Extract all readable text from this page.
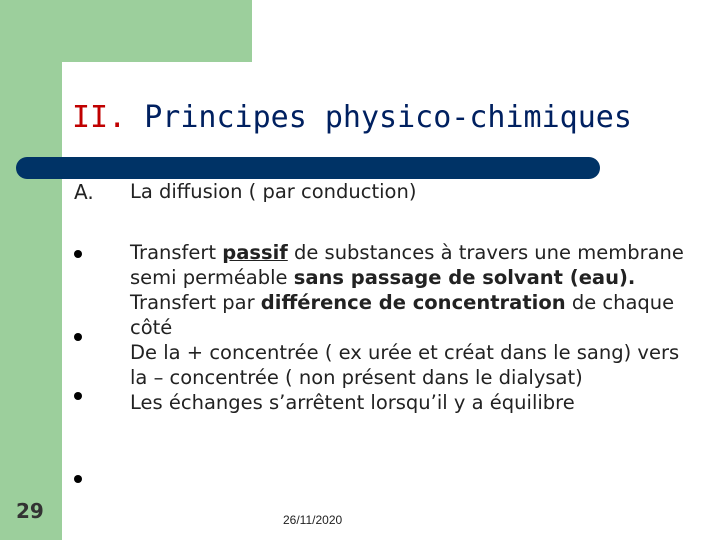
II. Principes physico-chimiques
A. La diffusion ( par conduction)

Transfert passif de substances à travers une membrane semi perméable sans passage de solvant (eau).

Transfert par différence de concentration de chaque côté

De la + concentrée ( ex urée et créat dans le sang) vers la – concentrée ( non présent dans le dialysat)

Les échanges s’arrêtent lorsqu’il y a équilibre

29	26/11/2020
